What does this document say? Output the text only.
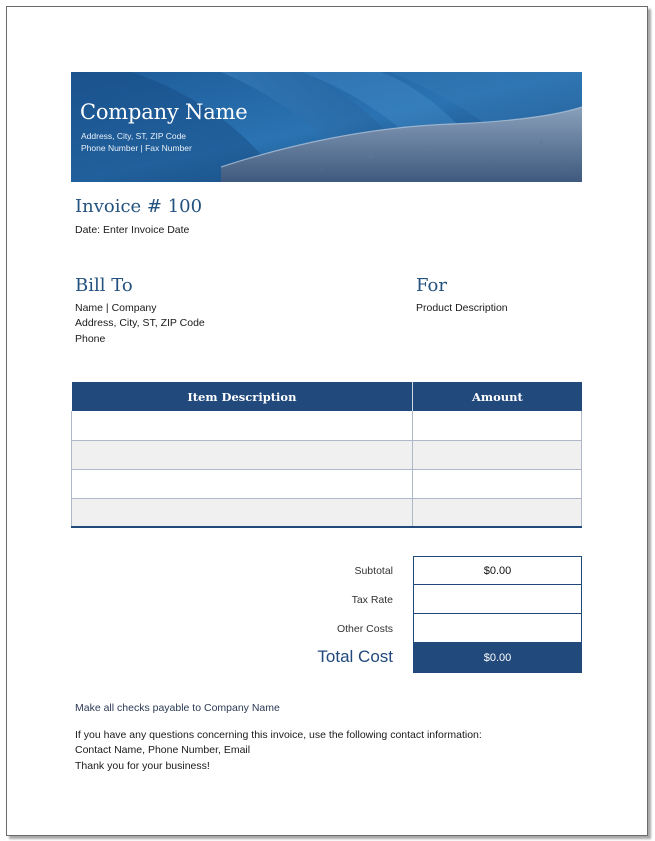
Company Name
Address, City, ST, ZIP Code
Phone Number | Fax Number
Invoice # 100
Date: Enter Invoice Date
Bill To
Name | Company
Address, City, ST, ZIP Code
Phone
For
Product Description
Item Description	Amount

Subtotal	$0.00
Tax Rate
Other Costs
Total Cost	$0.00
Make all checks payable to Company Name
If you have any questions concerning this invoice, use the following contact information:
Contact Name, Phone Number, Email
Thank you for your business!
